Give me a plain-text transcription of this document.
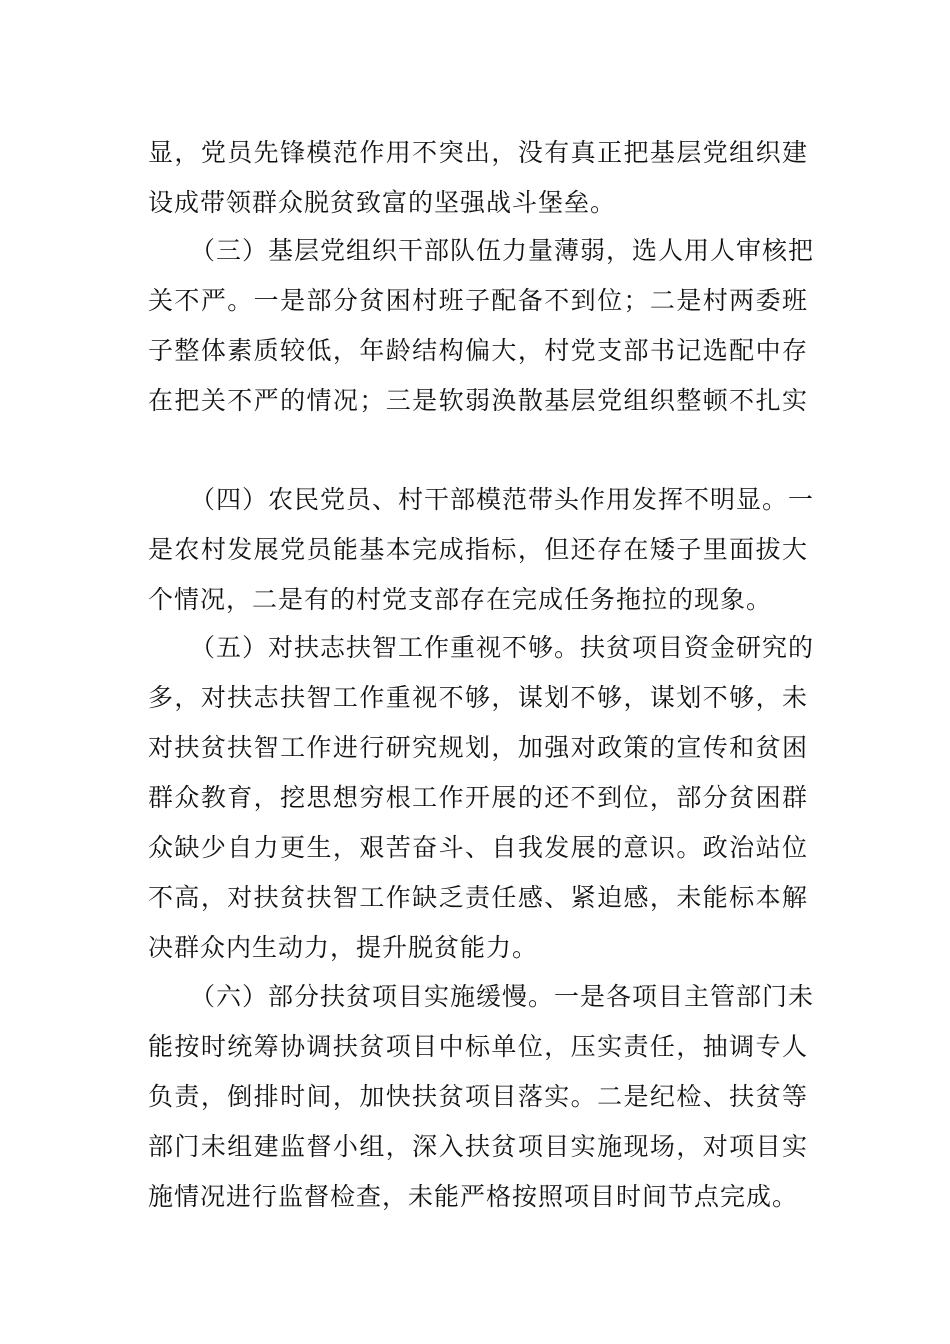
显，党员先锋模范作用不突出，没有真正把基层党组织建
设成带领群众脱贫致富的坚强战斗堡垒。
（三）基层党组织干部队伍力量薄弱，选人用人审核把
关不严。一是部分贫困村班子配备不到位；二是村两委班
子整体素质较低，年龄结构偏大，村党支部书记选配中存
在把关不严的情况；三是软弱涣散基层党组织整顿不扎实
（四）农民党员、村干部模范带头作用发挥不明显。一
是农村发展党员能基本完成指标，但还存在矮子里面拔大
个情况，二是有的村党支部存在完成任务拖拉的现象。
（五）对扶志扶智工作重视不够。扶贫项目资金研究的
多，对扶志扶智工作重视不够，谋划不够，谋划不够，未
对扶贫扶智工作进行研究规划，加强对政策的宣传和贫困
群众教育，挖思想穷根工作开展的还不到位，部分贫困群
众缺少自力更生，艰苦奋斗、自我发展的意识。政治站位
不高，对扶贫扶智工作缺乏责任感、紧迫感，未能标本解
决群众内生动力，提升脱贫能力。
（六）部分扶贫项目实施缓慢。一是各项目主管部门未
能按时统筹协调扶贫项目中标单位，压实责任，抽调专人
负责，倒排时间，加快扶贫项目落实。二是纪检、扶贫等
部门未组建监督小组，深入扶贫项目实施现场，对项目实
施情况进行监督检查，未能严格按照项目时间节点完成。
